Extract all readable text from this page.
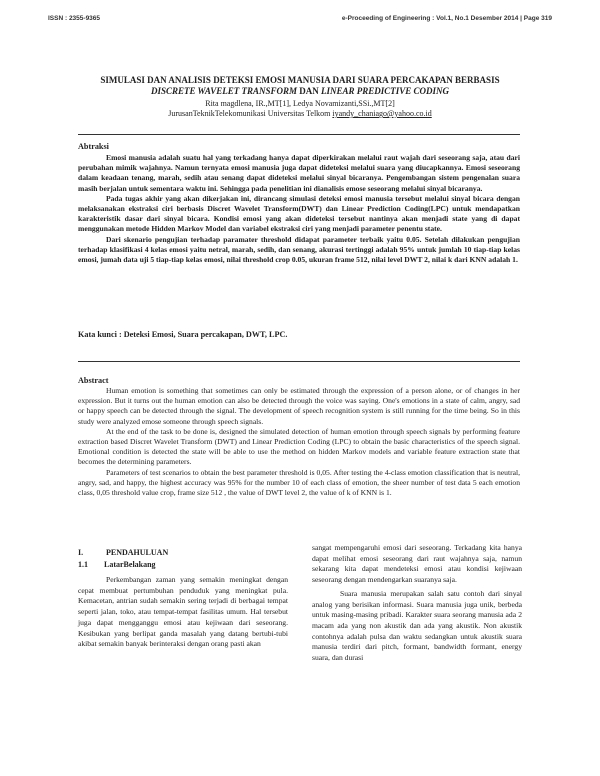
ISSN : 2355-9365	e-Proceeding of Engineering : Vol.1, No.1 Desember 2014 | Page 319
SIMULASI DAN ANALISIS DETEKSI EMOSI MANUSIA DARI SUARA PERCAKAPAN BERBASIS
DISCRETE WAVELET TRANSFORM DAN LINEAR PREDICTIVE CODING
Rita magdlena, IR.,MT[1], Ledya Novamizanti,SSi.,MT[2]
JurusanTeknikTelekomunikasi Universitas Telkom iyandy_chaniago@yahoo.co.id
Abtraksi

Emosi manusia adalah suatu hal yang terkadang hanya dapat diperkirakan melalui raut wajah dari seseorang saja, atau dari perubahan mimik wajahnya. Namun ternyata emosi manusia juga dapat dideteksi melalui suara yang diucapkannya. Emosi seseorang dalam keadaan tenang, marah, sedih atau senang dapat dideteksi melalui sinyal bicaranya. Pengembangan sistem pengenalan suara masih berjalan untuk sementara waktu ini. Sehingga pada penelitian ini dianalisis emose seseorang melalui sinyal bicaranya.

Pada tugas akhir yang akan dikerjakan ini, dirancang simulasi deteksi emosi manusia tersebut melalui sinyal bicara dengan melaksanakan ekstraksi ciri berbasis Discret Wavelet Transform(DWT) dan Linear Prediction Coding(LPC) untuk mendapatkan karakteristik dasar dari sinyal bicara. Kondisi emosi yang akan dideteksi tersebut nantinya akan menjadi state yang di dapat menggunakan metode Hidden Markov Model dan variabel ekstraksi ciri yang menjadi parameter penentu state.

Dari skenario pengujian terhadap paramater threshold didapat parameter terbaik yaitu 0.05. Setelah dilakukan pengujian terhadap klasifikasi 4 kelas emosi yaitu netral, marah, sedih, dan senang, akurasi tertinggi adalah 95% untuk jumlah 10 tiap-tiap kelas emosi, jumah data uji 5 tiap-tiap kelas emosi, nilai threshold crop 0.05, ukuran frame 512, nilai level DWT 2, nilai k dari KNN adalah 1.

Kata kunci : Deteksi Emosi, Suara percakapan, DWT, LPC.
Abstract

Human emotion is something that sometimes can only be estimated through the expression of a person alone, or of changes in her expression. But it turns out the human emotion can also be detected through the voice was saying. One's emotions in a state of calm, angry, sad or happy speech can be detected through the signal. The development of speech recognition system is still running for the time being. So in this study were analyzed emose someone through speech signals.

At the end of the task to be done is, designed the simulated detection of human emotion through speech signals by performing feature extraction based Discret Wavelet Transform (DWT) and Linear Prediction Coding (LPC) to obtain the basic characteristics of the speech signal. Emotional condition is detected the state will be able to use the method on hidden Markov models and variable feature extraction state that becomes the determining parameters.

Parameters of test scenarios to obtain the best parameter threshold is 0,05. After testing the 4-class emotion classification that is neutral, angry, sad, and happy, the highest accuracy was 95% for the number 10 of each class of emotion, the sheer number of test data 5 each emotion class, 0,05 threshold value crop, frame size 512 , the value of DWT level 2, the value of k of KNN is 1.

I.	PENDAHULUAN
1.1 LatarBelakang

Perkembangan zaman yang semakin meningkat dengan cepat membuat pertumbuhan penduduk yang meningkat pula. Kemacetan, antrian sudah semakin sering terjadi di berbagai tempat seperti jalan, toko, atau tempat-tempat fasilitas umum. Hal tersebut juga dapat mengganggu emosi atau kejiwaan dari seseorang. Kesibukan yang berlipat ganda masalah yang datang bertubi-tubi akibat semakin banyak berinteraksi dengan orang pasti akan

sangat mempengaruhi emosi dari seseorang. Terkadang kita hanya dapat melihat emosi seseorang dari raut wajahnya saja, namun sekarang kita dapat mendeteksi emosi atau kondisi kejiwaan seseorang dengan mendengarkan suaranya saja.

Suara manusia merupakan salah satu contoh dari sinyal analog yang berisikan informasi. Suara manusia juga unik, berbeda untuk masing-masing pribadi. Karakter suara seorang manusia ada 2 macam ada yang non akustik dan ada yang akustik. Non akustik contohnya adalah pulsa dan waktu sedangkan untuk akustik suara manusia terdiri dari pitch, formant, bandwidth formant, energy suara, dan durasi
